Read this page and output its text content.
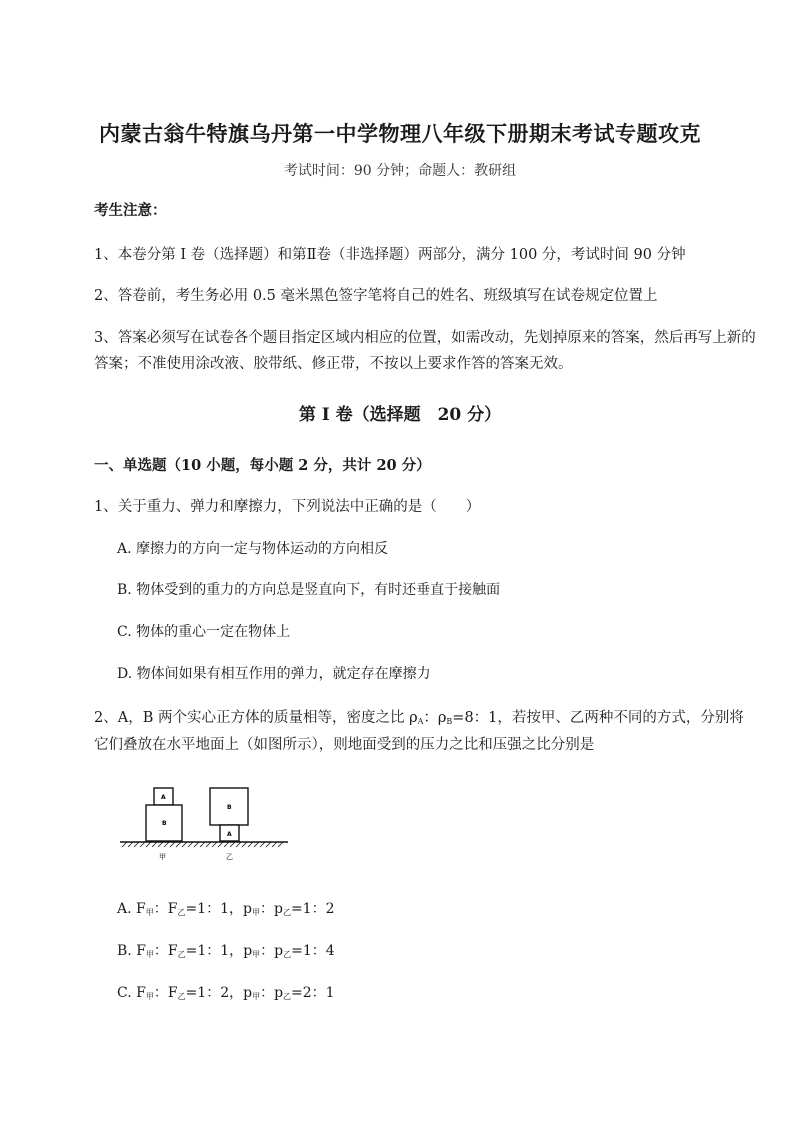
内蒙古翁牛特旗乌丹第一中学物理八年级下册期末考试专题攻克
考试时间：90 分钟；命题人：教研组
考生注意：
1、本卷分第 I 卷（选择题）和第Ⅱ卷（非选择题）两部分，满分 100 分，考试时间 90 分钟
2、答卷前，考生务必用 0.5 毫米黑色签字笔将自己的姓名、班级填写在试卷规定位置上
3、答案必须写在试卷各个题目指定区域内相应的位置，如需改动，先划掉原来的答案，然后再写上新的答案；不准使用涂改液、胶带纸、修正带，不按以上要求作答的答案无效。
第 I 卷（选择题　20 分）
一、单选题（10 小题，每小题 2 分，共计 20 分）
1、关于重力、弹力和摩擦力，下列说法中正确的是（　　）
A. 摩擦力的方向一定与物体运动的方向相反
B. 物体受到的重力的方向总是竖直向下，有时还垂直于接触面
C. 物体的重心一定在物体上
D. 物体间如果有相互作用的弹力，就定存在摩擦力
2、A，B 两个实心正方体的质量相等，密度之比 $\rho_A$：$\rho_B=8$：1，若按甲、乙两种不同的方式，分别将
它们叠放在水平地面上（如图所示），则地面受到的压力之比和压强之比分别是
A
B
B
A
甲	乙
A. $F_甲$：$F_乙=1$：1，$p_甲$：$p_乙=1$：2
B. $F_甲$：$F_乙=1$：1，$p_甲$：$p_乙=1$：4
C. $F_甲$：$F_乙=1$：2，$p_甲$：$p_乙=2$：1
